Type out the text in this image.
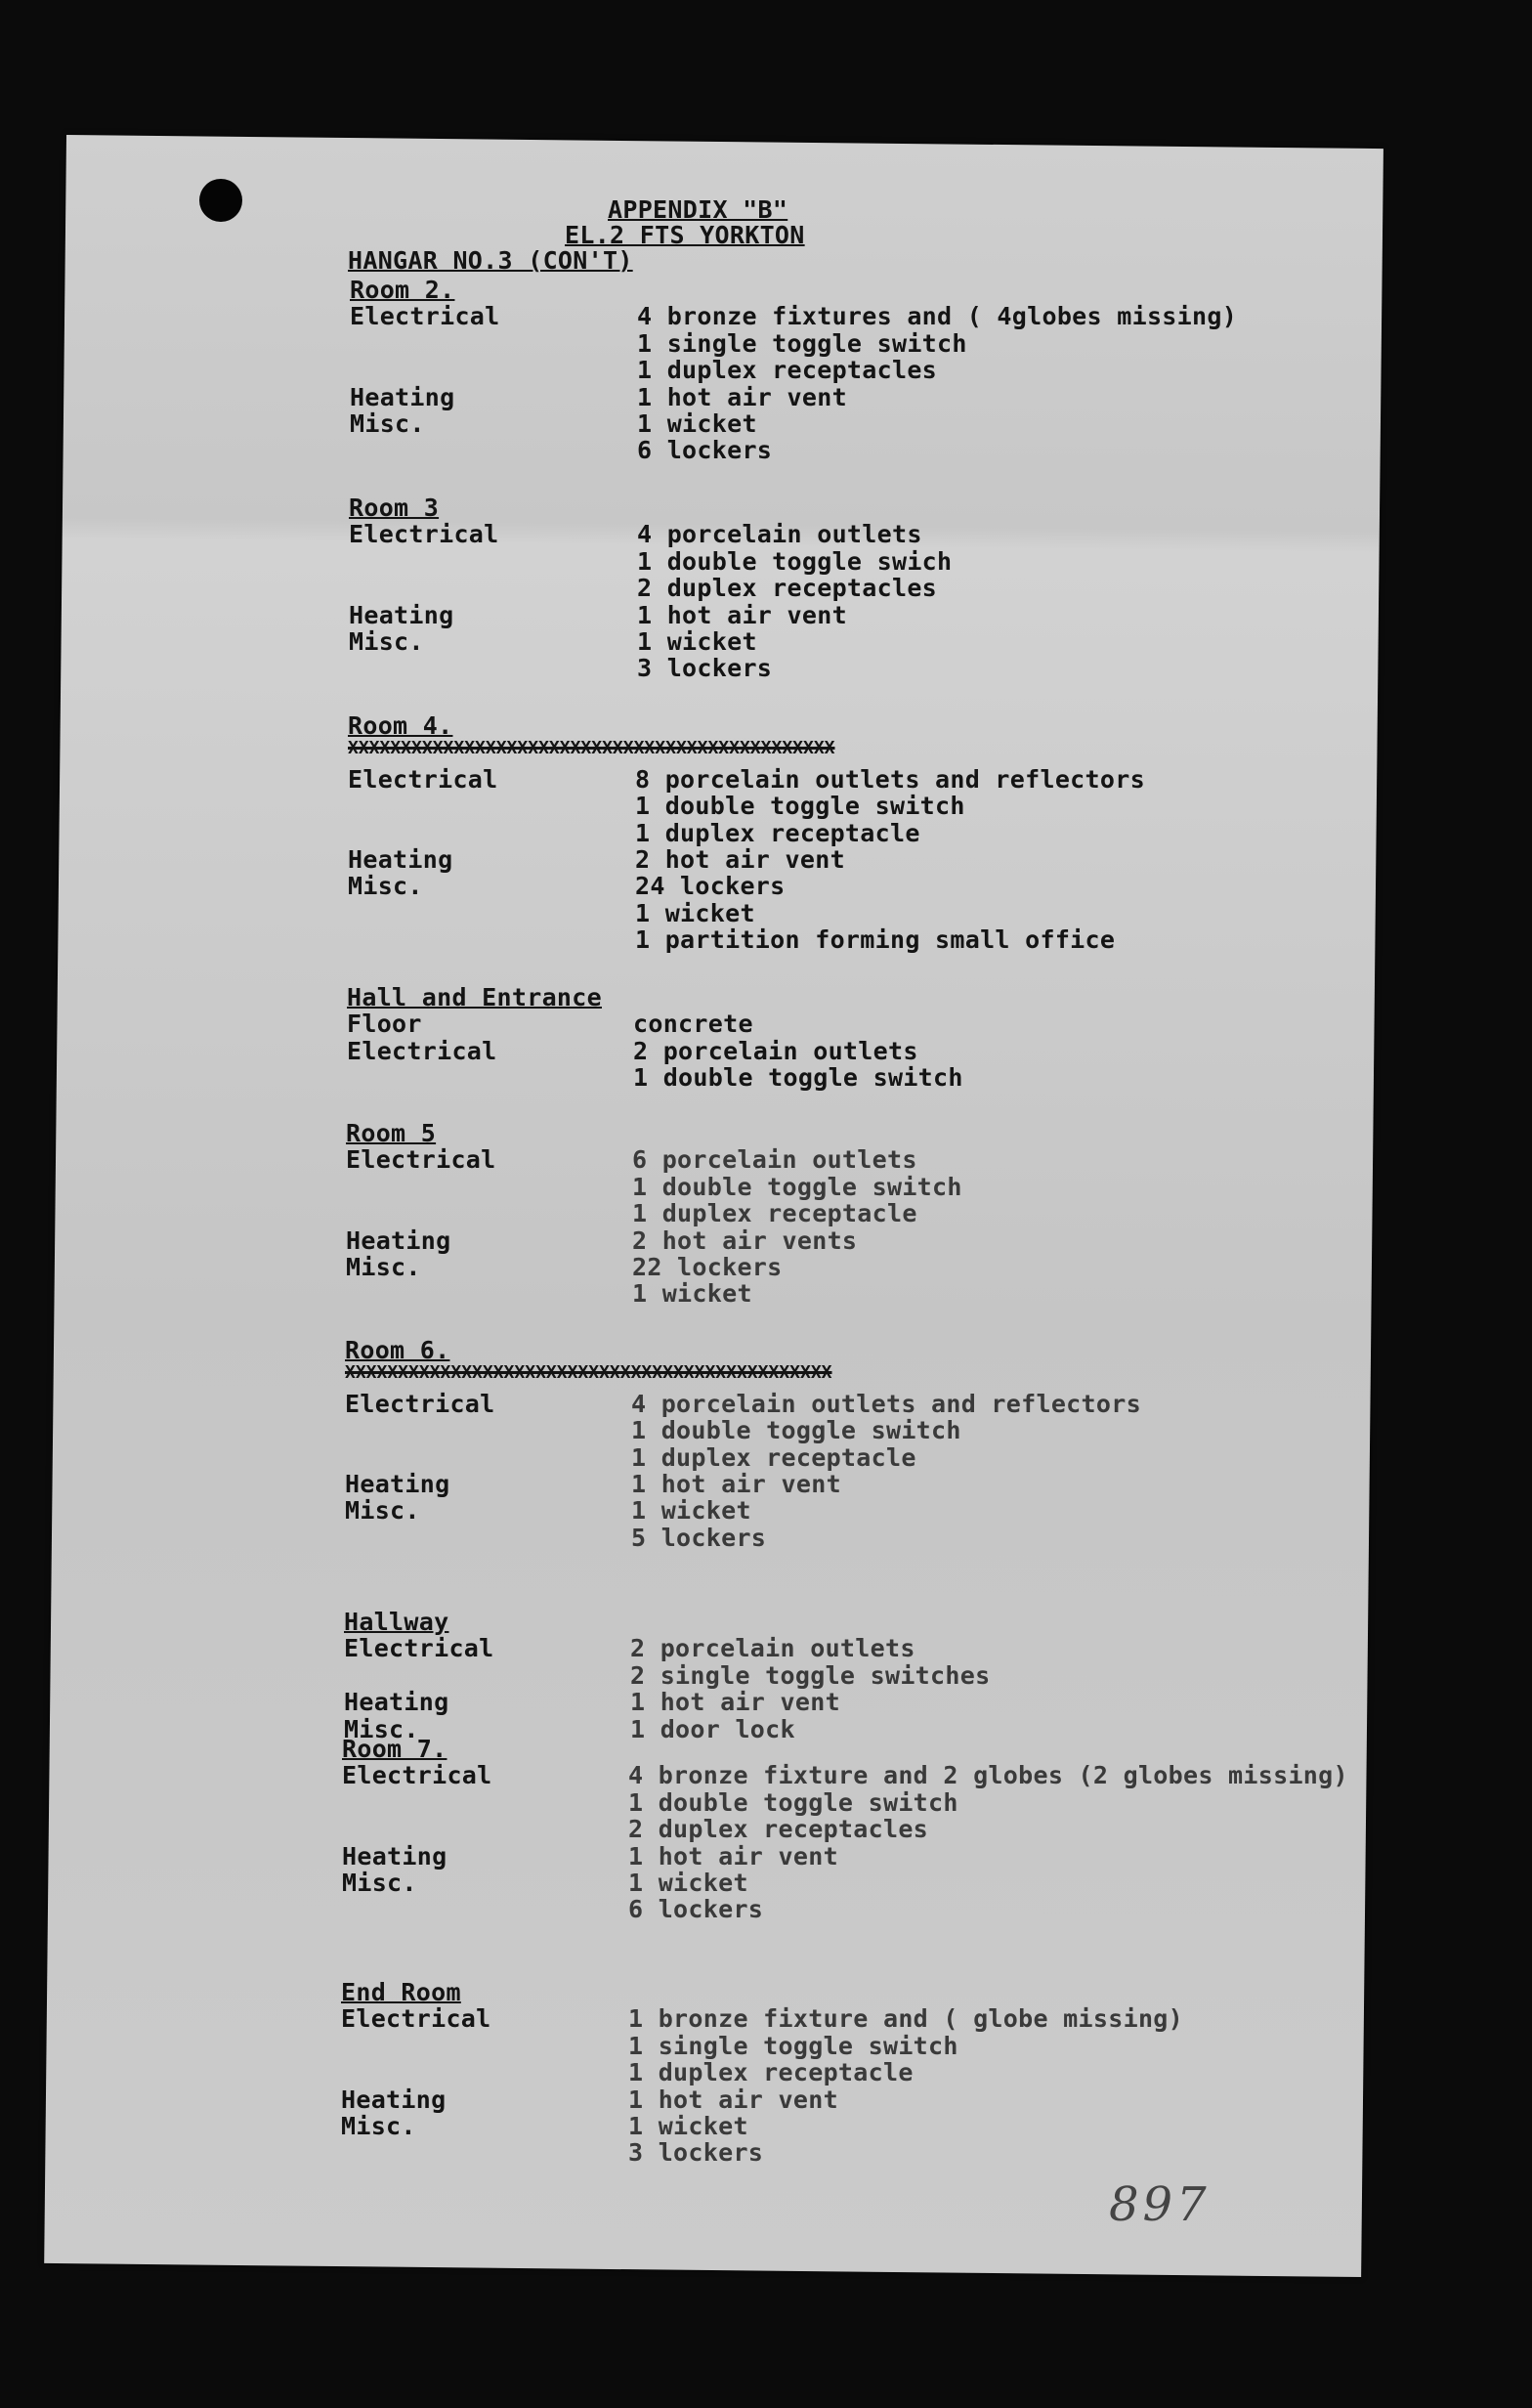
APPENDIX "B"
EL.2 FTS YORKTON
HANGAR NO.3 (CON'T)
Room 2.
Electrical	4 bronze fixtures and ( 4globes missing)
1 single toggle switch
1 duplex receptacles
Heating	1 hot air vent
Misc.	1 wicket
6 lockers
Room 3
Electrical	4 porcelain outlets
1 double toggle swich
2 duplex receptacles
Heating	1 hot air vent
Misc.	1 wicket
3 lockers
Room 4.
XXXXXXXXXXXXXXXXXXXXXXXXXXXXXXXXXXXXXXXXXXXXXX
Electrical	8 porcelain outlets and reflectors
1 double toggle switch
1 duplex receptacle
Heating	2 hot air vent
Misc.	24 lockers
1 wicket
1 partition forming small office
Hall and Entrance
Floor	concrete
Electrical	2 porcelain outlets
1 double toggle switch
Room 5
Electrical	6 porcelain outlets
1 double toggle switch
1 duplex receptacle
Heating	2 hot air vents
Misc.	22 lockers
1 wicket
Room 6.
XXXXXXXXXXXXXXXXXXXXXXXXXXXXXXXXXXXXXXXXXXXXXX
Electrical	4 porcelain outlets and reflectors
1 double toggle switch
1 duplex receptacle
Heating	1 hot air vent
Misc.	1 wicket
5 lockers
Hallway
Electrical	2 porcelain outlets
2 single toggle switches
Heating	1 hot air vent
Misc.	1 door lock
Room 7.
Electrical	4 bronze fixture and 2 globes (2 globes missing)
1 double toggle switch
2 duplex receptacles
Heating	1 hot air vent
Misc.	1 wicket
6 lockers
End Room
Electrical	1 bronze fixture and ( globe missing)
1 single toggle switch
1 duplex receptacle
Heating	1 hot air vent
Misc.	1 wicket
3 lockers
897
